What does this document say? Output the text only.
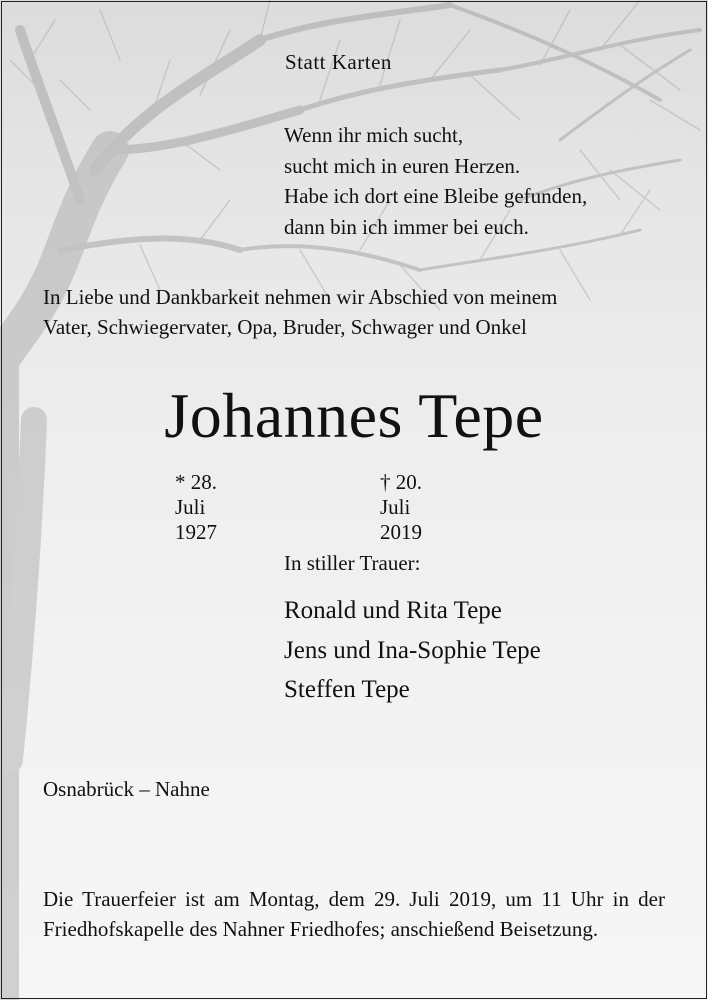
Statt Karten

Wenn ihr mich sucht,
sucht mich in euren Herzen.
Habe ich dort eine Bleibe gefunden,
dann bin ich immer bei euch.
In Liebe und Dankbarkeit nehmen wir Abschied von meinem
Vater, Schwiegervater, Opa, Bruder, Schwager und Onkel
Johannes Tepe
* 28. Juli 1927
† 20. Juli 2019

In stiller Trauer:

Ronald und Rita Tepe
Jens und Ina-Sophie Tepe
Steffen Tepe

Osnabrück – Nahne

Die Trauerfeier ist am Montag, dem 29. Juli 2019, um 11 Uhr in der Friedhofskapelle des Nahner Friedhofes; anschießend Beisetzung.
